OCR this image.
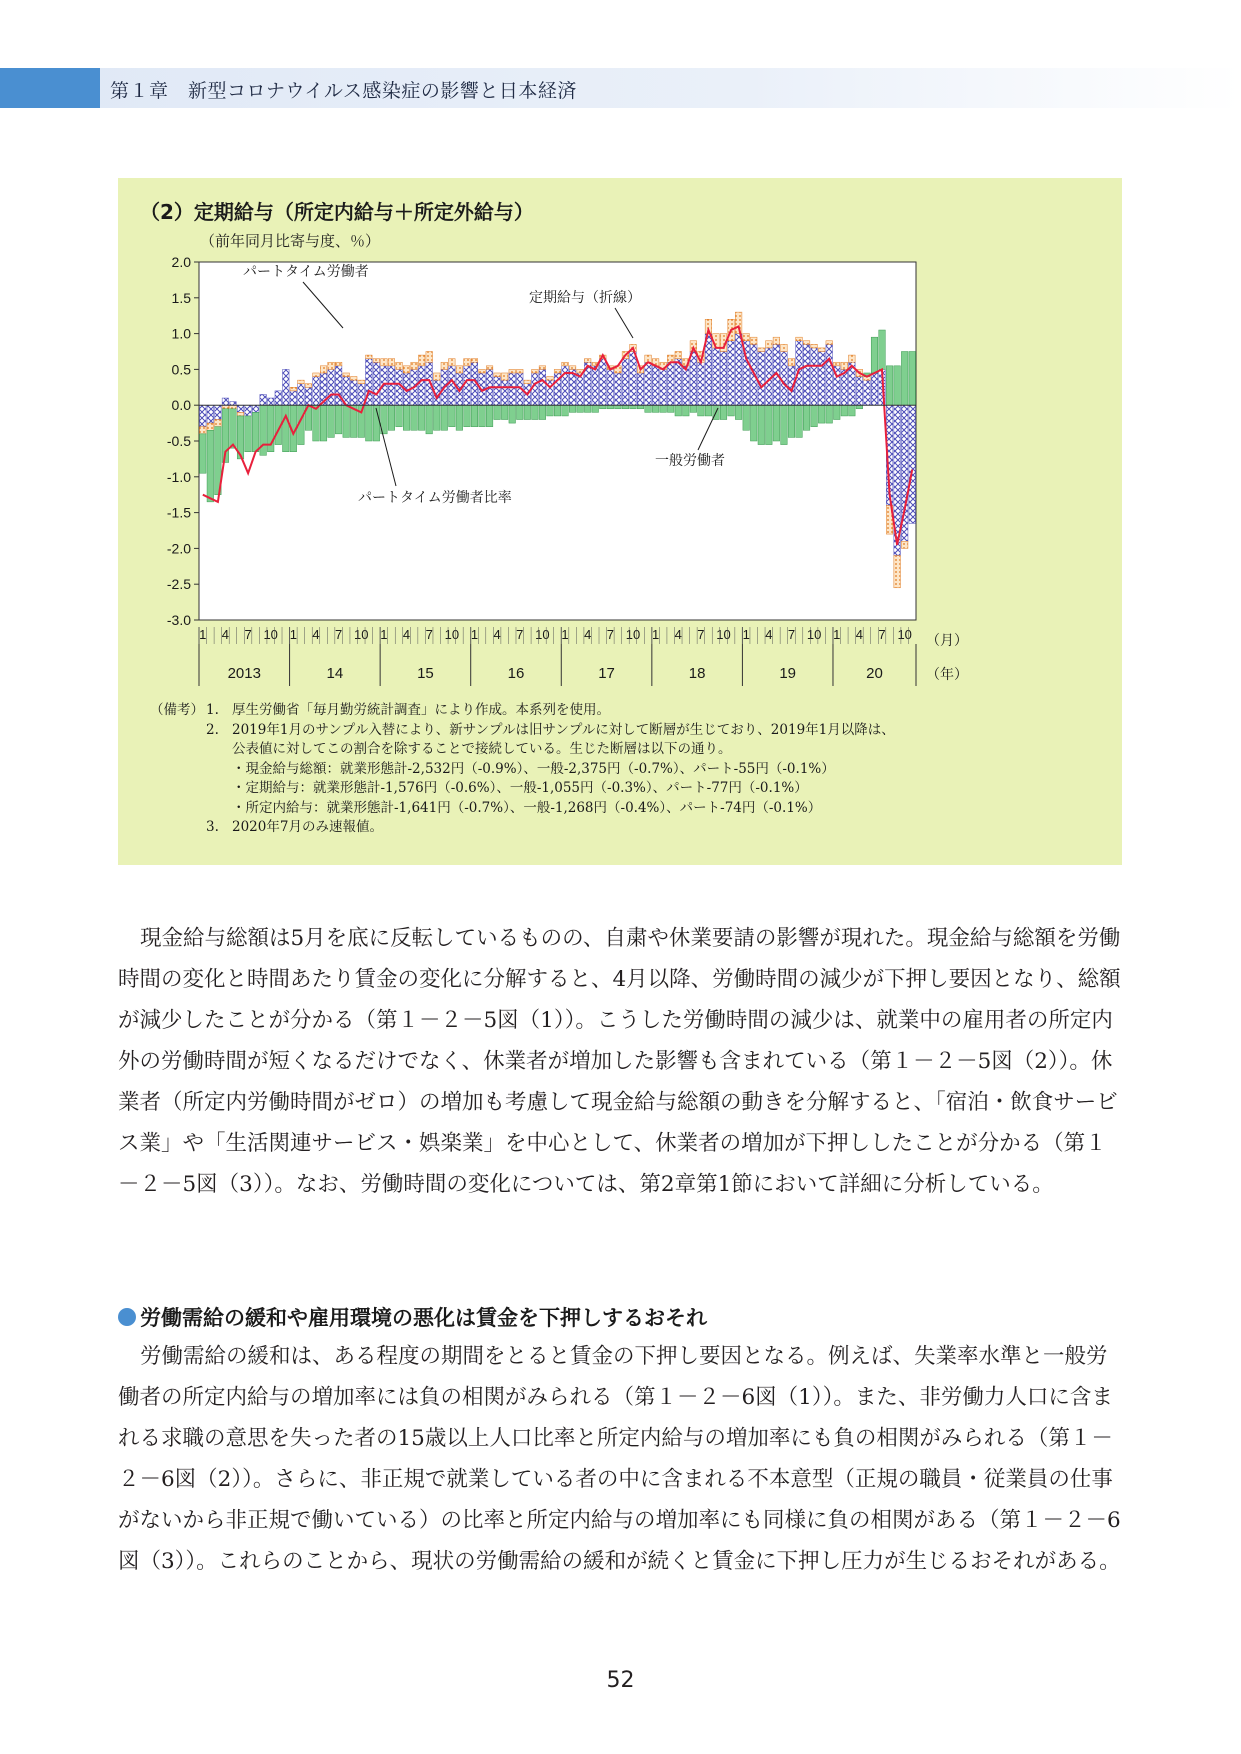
第１章　新型コロナウイルス感染症の影響と日本経済
（2）定期給与（所定内給与＋所定外給与）
（前年同月比寄与度、％）
2.0
1.5
1.0
0.5
0.0
-0.5
-1.0
-1.5
-2.0
-2.5
-3.0
1 4 7 10 1 4 7 10 1 4 7 10 1 4 7 10 1 4 7 10 1 4 7 10 1 4 7 10 1 4 7 10
2013	14	15	16	17	18	19	20
パートタイム労働者
定期給与（折線）
一般労働者
パートタイム労働者比率
（月）
（年）
（備考） 1. 厚生労働省「毎月勤労統計調査」により作成。本系列を使用。
2. 2019年1月のサンプル入替により、新サンプルは旧サンプルに対して断層が生じており、2019年1月以降は、
公表値に対してこの割合を除することで接続している。生じた断層は以下の通り。
・現金給与総額：就業形態計-2,532円（-0.9%）、一般-2,375円（-0.7%）、パート-55円（-0.1%）
・定期給与：就業形態計-1,576円（-0.6%）、一般-1,055円（-0.3%）、パート-77円（-0.1%）
・所定内給与：就業形態計-1,641円（-0.7%）、一般-1,268円（-0.4%）、パート-74円（-0.1%）
3. 2020年7月のみ速報値。

現金給与総額は5月を底に反転しているものの、自粛や休業要請の影響が現れた。現金給与総額を労働時間の変化と時間あたり賃金の変化に分解すると、4月以降、労働時間の減少が下押し要因となり、総額が減少したことが分かる（第１－２－5図（1））。こうした労働時間の減少は、就業中の雇用者の所定内外の労働時間が短くなるだけでなく、休業者が増加した影響も含まれている（第１－２－5図（2））。休業者（所定内労働時間がゼロ）の増加も考慮して現金給与総額の動きを分解すると、「宿泊・飲食サービス業」や「生活関連サービス・娯楽業」を中心として、休業者の増加が下押ししたことが分かる（第１－２－5図（3））。なお、労働時間の変化については、第2章第1節において詳細に分析している。

労働需給の緩和や雇用環境の悪化は賃金を下押しするおそれ

労働需給の緩和は、ある程度の期間をとると賃金の下押し要因となる。例えば、失業率水準と一般労働者の所定内給与の増加率には負の相関がみられる（第１－２－6図（1））。また、非労働力人口に含まれる求職の意思を失った者の15歳以上人口比率と所定内給与の増加率にも負の相関がみられる（第１－２－6図（2））。さらに、非正規で就業している者の中に含まれる不本意型（正規の職員・従業員の仕事がないから非正規で働いている）の比率と所定内給与の増加率にも同様に負の相関がある（第１－２－6図（3））。これらのことから、現状の労働需給の緩和が続くと賃金に下押し圧力が生じるおそれがある。

52
